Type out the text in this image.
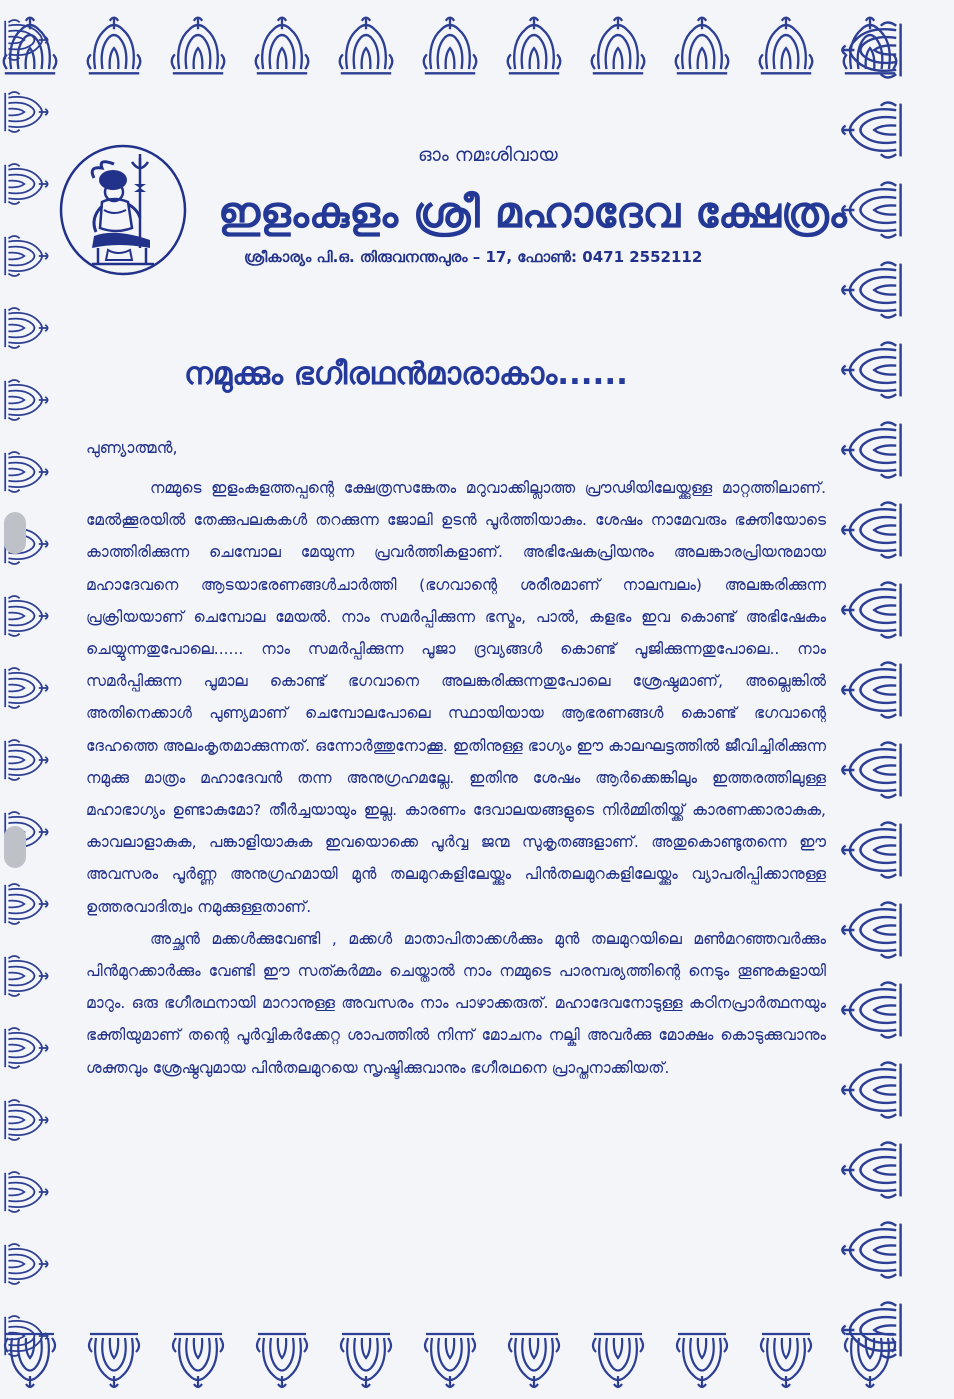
ഓം നമഃശിവായ
ഇളംകുളം ശ്രീ മഹാദേവ ക്ഷേത്രം
ശ്രീകാര്യം പി.ഒ. തിരുവനന്തപുരം – 17, ഫോൺ: 0471 2552112
നമുക്കും ഭഗീരഥൻമാരാകാം......
പുണ്യാത്മൻ,

നമ്മുടെ ഇളംകുളത്തപ്പന്റെ ക്ഷേത്രസങ്കേതം മറുവാക്കില്ലാത്ത പ്രൗഢിയിലേയ്ക്കുള്ള മാറ്റത്തിലാണ്. മേൽക്കൂരയിൽ തേക്കുപലകകൾ തറക്കുന്ന ജോലി ഉടൻ പൂർത്തിയാകും. ശേഷം നാമേവരും ഭക്തിയോടെ കാത്തിരിക്കുന്ന ചെമ്പോല മേയുന്ന പ്രവർത്തികളാണ്. അഭിഷേകപ്രിയനും അലങ്കാരപ്രിയനുമായ മഹാദേവനെ ആടയാഭരണങ്ങൾചാർത്തി (ഭഗവാന്റെ ശരീരമാണ് നാലമ്പലം) അലങ്കരിക്കുന്ന പ്രക്രിയയാണ് ചെമ്പോല മേയൽ. നാം സമർപ്പിക്കുന്ന ഭസ്മം, പാൽ, കളഭം ഇവ കൊണ്ട് അഭിഷേകം ചെയ്യുന്നതുപോലെ...... നാം സമർപ്പിക്കുന്ന പൂജാ ദ്രവ്യങ്ങൾ കൊണ്ട് പൂജിക്കുന്നതുപോലെ.. നാം സമർപ്പിക്കുന്ന പൂമാല കൊണ്ട് ഭഗവാനെ അലങ്കരിക്കുന്നതുപോലെ ശ്രേഷ്ഠമാണ്, അല്ലെങ്കിൽ അതിനെക്കാൾ പുണ്യമാണ് ചെമ്പോലപോലെ സ്ഥായിയായ ആഭരണങ്ങൾ കൊണ്ട് ഭഗവാന്റെ ദേഹത്തെ അലംകൃതമാക്കുന്നത്. ഒന്നോർത്തുനോക്കൂ. ഇതിനുള്ള ഭാഗ്യം ഈ കാലഘട്ടത്തിൽ ജീവിച്ചിരിക്കുന്ന നമുക്കു മാത്രം മഹാദേവൻ തന്ന അനുഗ്രഹമല്ലേ. ഇതിനു ശേഷം ആർക്കെങ്കിലും ഇത്തരത്തിലുള്ള മഹാഭാഗ്യം ഉണ്ടാകുമോ? തീർച്ചയായും ഇല്ല. കാരണം ദേവാലയങ്ങളുടെ നിർമ്മിതിയ്ക്ക് കാരണക്കാരാകുക, കാവലാളാകുക, പങ്കാളിയാകുക ഇവയൊക്കെ പൂർവ്വ ജന്മ സുകൃതങ്ങളാണ്. അതുകൊണ്ടുതന്നെ ഈ അവസരം പൂർണ്ണ അനുഗ്രഹമായി മുൻ തലമുറകളിലേയ്ക്കും പിൻതലമുറകളിലേയ്ക്കും വ്യാപരിപ്പിക്കാനുള്ള ഉത്തരവാദിത്വം നമുക്കുള്ളതാണ്.

അച്ഛൻ മക്കൾക്കുവേണ്ടി , മക്കൾ മാതാപിതാക്കൾക്കും മുൻ തലമുറയിലെ മൺമറഞ്ഞവർക്കും പിൻമുറക്കാർക്കും വേണ്ടി ഈ സത്കർമ്മം ചെയ്താൽ നാം നമ്മുടെ പാരമ്പര്യത്തിന്റെ നെടും തൂണുകളായി മാറും. ഒരു ഭഗീരഥനായി മാറാനുള്ള അവസരം നാം പാഴാക്കരുത്. മഹാദേവനോടുള്ള കഠിനപ്രാർത്ഥനയും ഭക്തിയുമാണ് തന്റെ പൂർവ്വികർക്കേറ്റ ശാപത്തിൽ നിന്ന് മോചനം നല്കി അവർക്കു മോക്ഷം കൊടുക്കുവാനും ശക്തവും ശ്രേഷ്ഠവുമായ പിൻതലമുറയെ സൃഷ്ടിക്കുവാനും ഭഗീരഥനെ പ്രാപ്തനാക്കിയത്.
